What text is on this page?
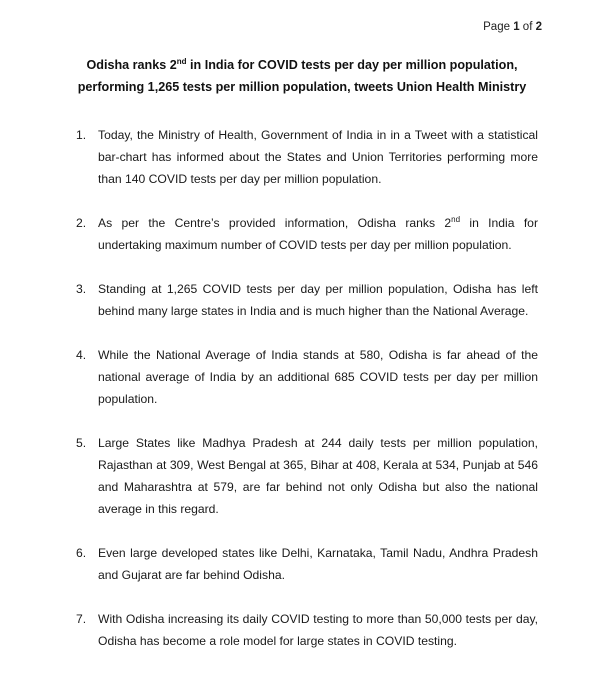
Page 1 of 2
Odisha ranks 2nd in India for COVID tests per day per million population,
performing 1,265 tests per million population, tweets Union Health Ministry
1. Today, the Ministry of Health, Government of India in in a Tweet with a statistical bar-chart has informed about the States and Union Territories performing more than 140 COVID tests per day per million population.
2. As per the Centre’s provided information, Odisha ranks 2nd in India for undertaking maximum number of COVID tests per day per million population.
3. Standing at 1,265 COVID tests per day per million population, Odisha has left behind many large states in India and is much higher than the National Average.
4. While the National Average of India stands at 580, Odisha is far ahead of the national average of India by an additional 685 COVID tests per day per million population.
5. Large States like Madhya Pradesh at 244 daily tests per million population, Rajasthan at 309, West Bengal at 365, Bihar at 408, Kerala at 534, Punjab at 546 and Maharashtra at 579, are far behind not only Odisha but also the national average in this regard.
6. Even large developed states like Delhi, Karnataka, Tamil Nadu, Andhra Pradesh and Gujarat are far behind Odisha.
7. With Odisha increasing its daily COVID testing to more than 50,000 tests per day, Odisha has become a role model for large states in COVID testing.
